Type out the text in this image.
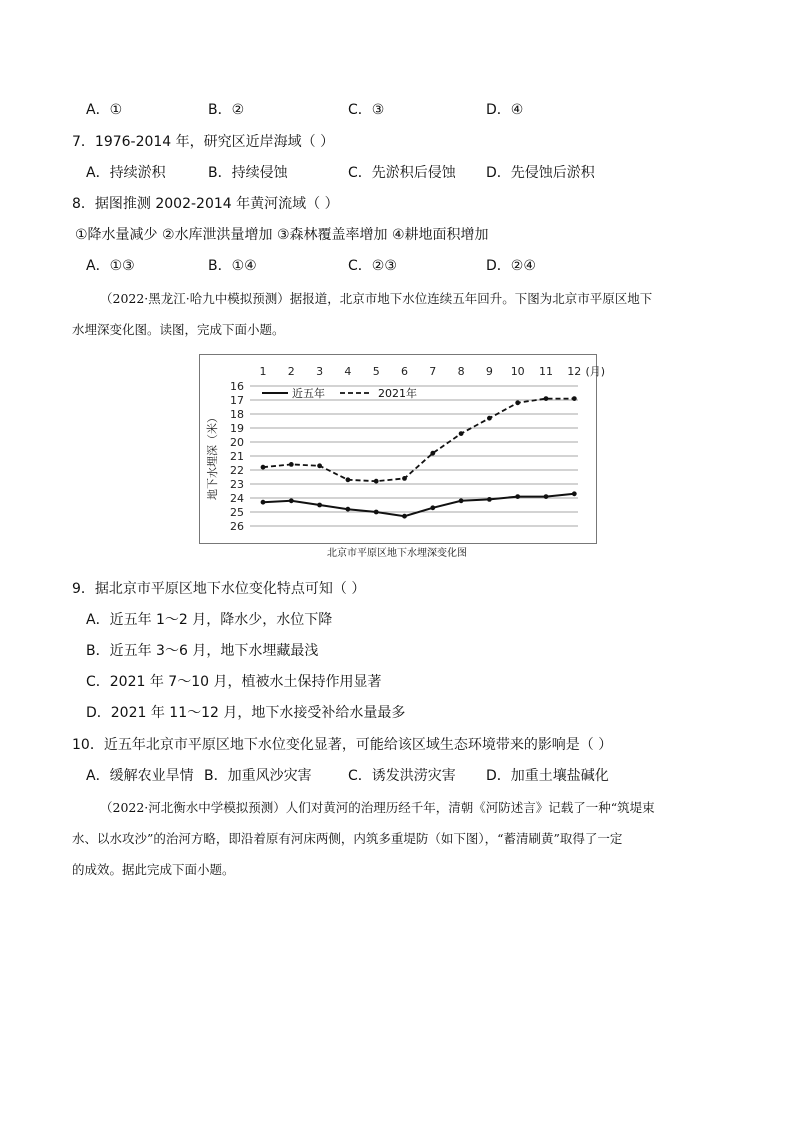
A．①	B．②	C．③	D．④
7．1976-2014 年，研究区近岸海域（ ）
A．持续淤积	B．持续侵蚀	C．先淤积后侵蚀 D．先侵蚀后淤积
8．据图推测 2002-2014 年黄河流域（ ）
①降水量减少 ②水库泄洪量增加 ③森林覆盖率增加 ④耕地面积增加
A．①③	B．①④	C．②③	D．②④
（2022·黑龙江·哈九中模拟预测）据报道，北京市地下水位连续五年回升。下图为北京市平原区地下
水埋深变化图。读图，完成下面小题。
16
17
18
19
20
21
22
23
24
25
26
1 2 3 4 5 6 7 8 9 10 11 12 (月)
地下水埋深（米）
近五年	2021年
北京市平原区地下水埋深变化图
9．据北京市平原区地下水位变化特点可知（ ）
A．近五年 1～2 月，降水少，水位下降
B．近五年 3～6 月，地下水埋藏最浅
C．2021 年 7～10 月，植被水土保持作用显著
D．2021 年 11～12 月，地下水接受补给水量最多
10．近五年北京市平原区地下水位变化显著，可能给该区域生态环境带来的影响是（ ）
A．缓解农业旱情 B．加重风沙灾害	C．诱发洪涝灾害 D．加重土壤盐碱化
（2022·河北衡水中学模拟预测）人们对黄河的治理历经千年，清朝《河防述言》记载了一种“筑堤束
水、以水攻沙”的治河方略，即沿着原有河床两侧，内筑多重堤防（如下图），“蓄清刷黄”取得了一定
的成效。据此完成下面小题。
